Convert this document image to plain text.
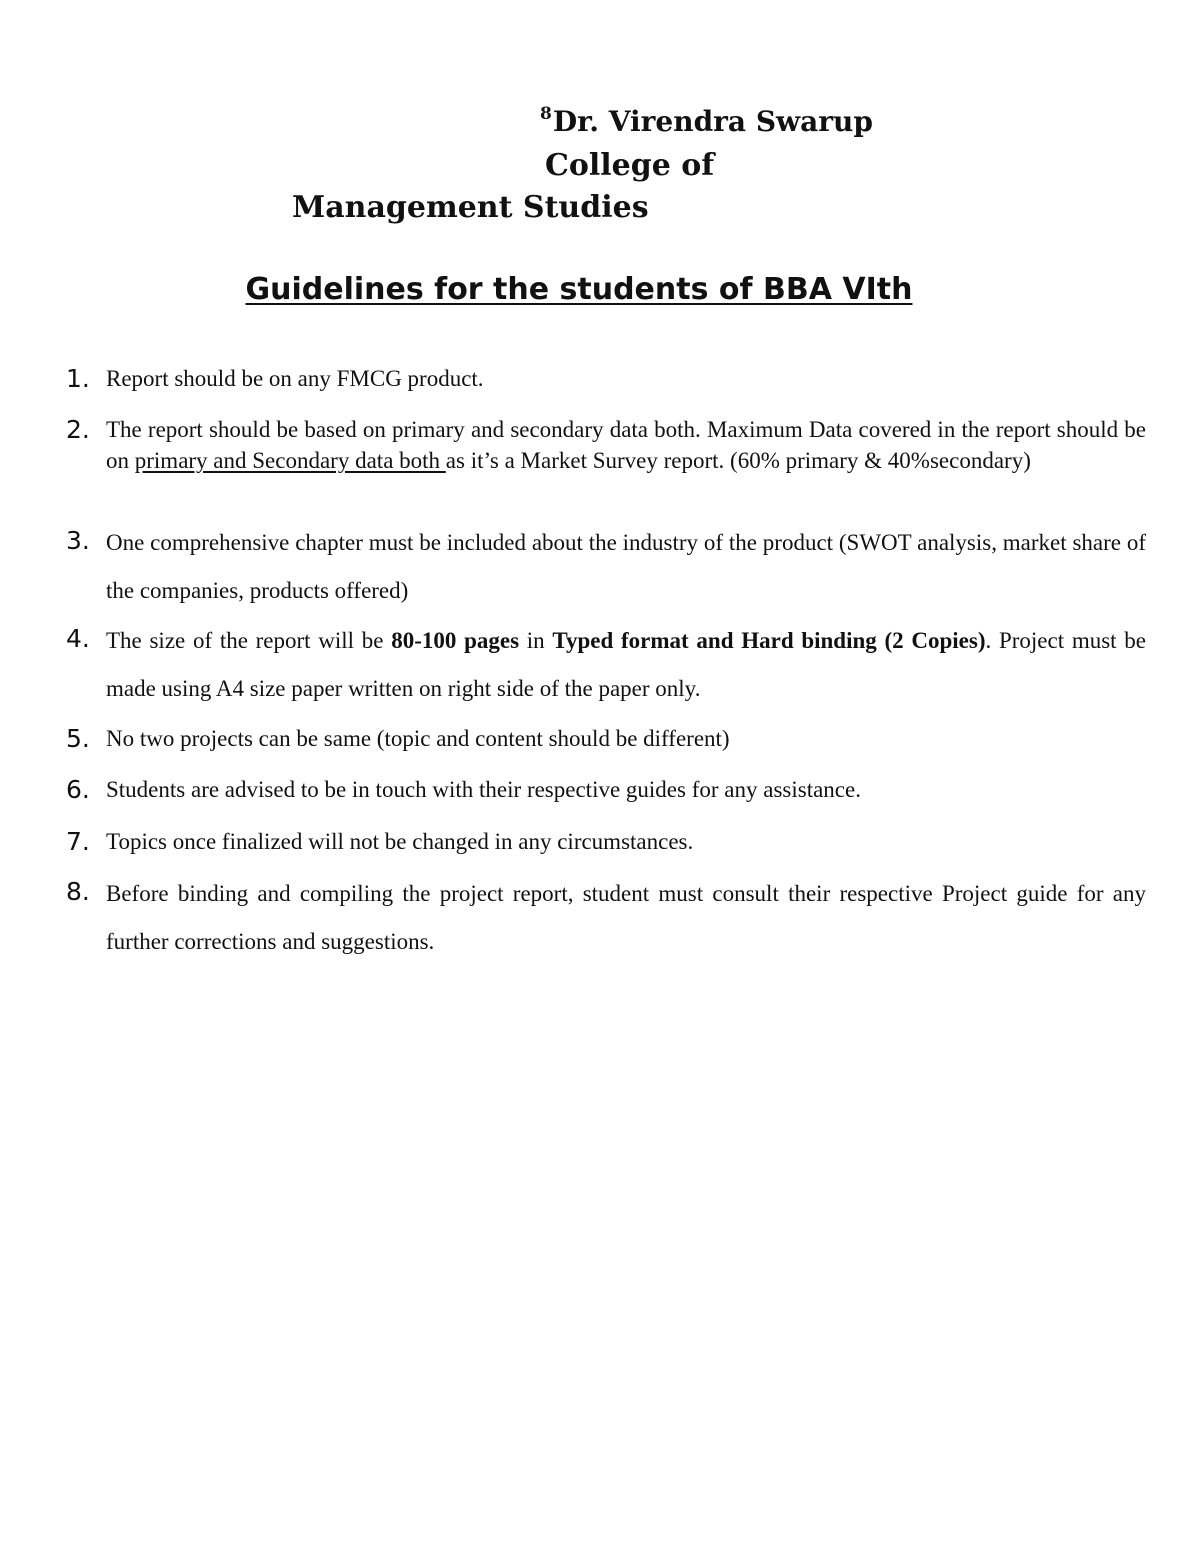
$^8$Dr. Virendra Swarup
College of
Management Studies
Guidelines for the students of BBA VIth
1. Report should be on any FMCG product.
2. The report should be based on primary and secondary data both. Maximum Data covered in the report should be on primary and Secondary data both as it’s a Market Survey report. (60% primary & 40%secondary)
3. One comprehensive chapter must be included about the industry of the product (SWOT analysis, market share of the companies, products offered)
4. The size of the report will be 80-100 pages in Typed format and Hard binding (2 Copies). Project must be made using A4 size paper written on right side of the paper only.
5. No two projects can be same (topic and content should be different)
6. Students are advised to be in touch with their respective guides for any assistance.
7. Topics once finalized will not be changed in any circumstances.
8. Before binding and compiling the project report, student must consult their respective Project guide for any further corrections and suggestions.
